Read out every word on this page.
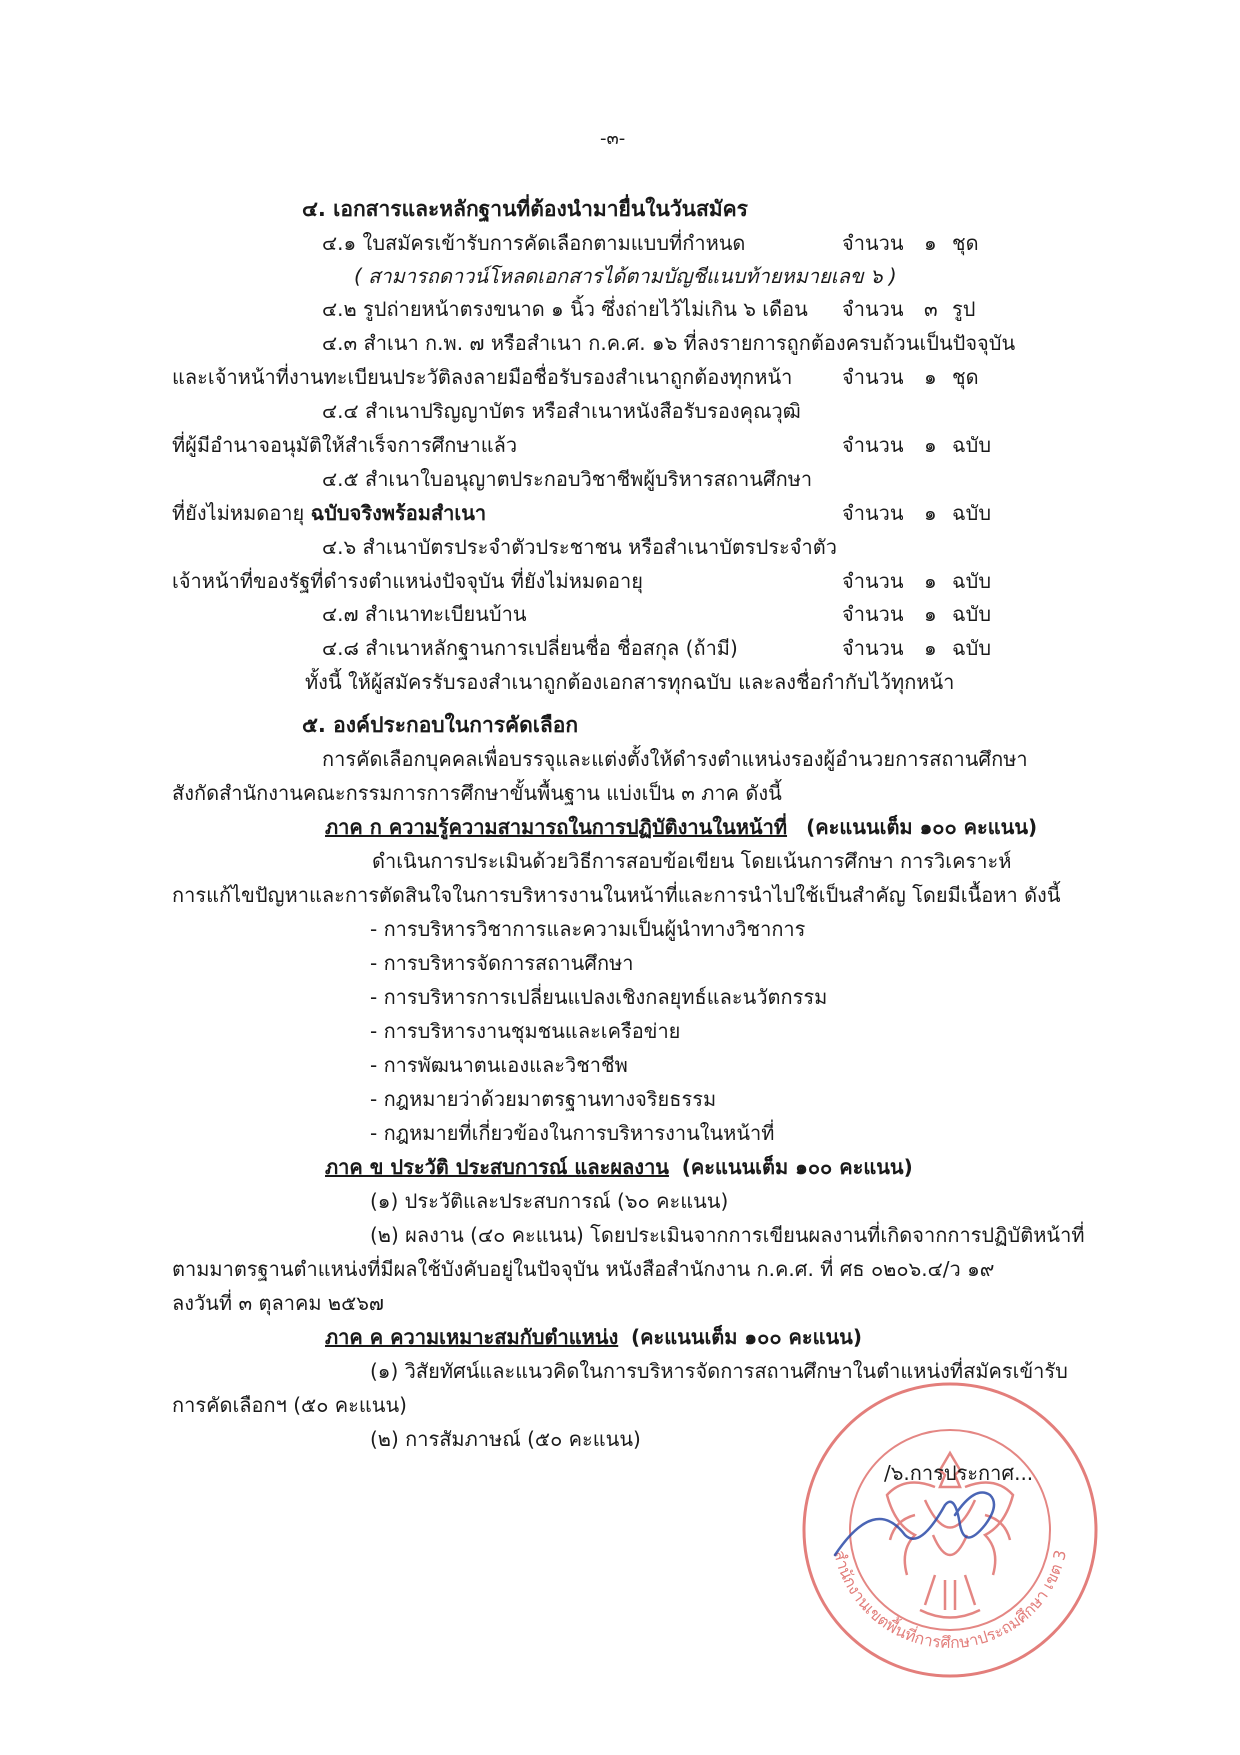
-๓-
๔. เอกสารและหลักฐานที่ต้องนำมายื่นในวันสมัคร
๔.๑ ใบสมัครเข้ารับการคัดเลือกตามแบบที่กำหนด	จำนวน ๑ ชุด
( สามารถดาวน์โหลดเอกสารได้ตามบัญชีแนบท้ายหมายเลข ๖ )
๔.๒ รูปถ่ายหน้าตรงขนาด ๑ นิ้ว ซึ่งถ่ายไว้ไม่เกิน ๖ เดือน จำนวน ๓ รูป
๔.๓ สำเนา ก.พ. ๗ หรือสำเนา ก.ค.ศ. ๑๖ ที่ลงรายการถูกต้องครบถ้วนเป็นปัจจุบัน
และเจ้าหน้าที่งานทะเบียนประวัติลงลายมือชื่อรับรองสำเนาถูกต้องทุกหน้า จำนวน ๑ ชุด
๔.๔ สำเนาปริญญาบัตร หรือสำเนาหนังสือรับรองคุณวุฒิ
ที่ผู้มีอำนาจอนุมัติให้สำเร็จการศึกษาแล้ว	จำนวน ๑ ฉบับ
๔.๕ สำเนาใบอนุญาตประกอบวิชาชีพผู้บริหารสถานศึกษา
ที่ยังไม่หมดอายุ ฉบับจริงพร้อมสำเนา	จำนวน ๑ ฉบับ
๔.๖ สำเนาบัตรประจำตัวประชาชน หรือสำเนาบัตรประจำตัว
เจ้าหน้าที่ของรัฐที่ดำรงตำแหน่งปัจจุบัน ที่ยังไม่หมดอายุ	จำนวน ๑ ฉบับ
๔.๗ สำเนาทะเบียนบ้าน	จำนวน ๑ ฉบับ
๔.๘ สำเนาหลักฐานการเปลี่ยนชื่อ ชื่อสกุล (ถ้ามี)	จำนวน ๑ ฉบับ
ทั้งนี้ ให้ผู้สมัครรับรองสำเนาถูกต้องเอกสารทุกฉบับ และลงชื่อกำกับไว้ทุกหน้า
๕. องค์ประกอบในการคัดเลือก
การคัดเลือกบุคคลเพื่อบรรจุและแต่งตั้งให้ดำรงตำแหน่งรองผู้อำนวยการสถานศึกษา
สังกัดสำนักงานคณะกรรมการการศึกษาขั้นพื้นฐาน แบ่งเป็น ๓ ภาค ดังนี้
ภาค ก ความรู้ความสามารถในการปฏิบัติงานในหน้าที่ (คะแนนเต็ม ๑๐๐ คะแนน)
ดำเนินการประเมินด้วยวิธีการสอบข้อเขียน โดยเน้นการศึกษา การวิเคราะห์
การแก้ไขปัญหาและการตัดสินใจในการบริหารงานในหน้าที่และการนำไปใช้เป็นสำคัญ โดยมีเนื้อหา ดังนี้
- การบริหารวิชาการและความเป็นผู้นำทางวิชาการ
- การบริหารจัดการสถานศึกษา
- การบริหารการเปลี่ยนแปลงเชิงกลยุทธ์และนวัตกรรม
- การบริหารงานชุมชนและเครือข่าย
- การพัฒนาตนเองและวิชาชีพ
- กฎหมายว่าด้วยมาตรฐานทางจริยธรรม
- กฎหมายที่เกี่ยวข้องในการบริหารงานในหน้าที่
ภาค ข ประวัติ ประสบการณ์ และผลงาน (คะแนนเต็ม ๑๐๐ คะแนน)
(๑) ประวัติและประสบการณ์ (๖๐ คะแนน)
(๒) ผลงาน (๔๐ คะแนน) โดยประเมินจากการเขียนผลงานที่เกิดจากการปฏิบัติหน้าที่
ตามมาตรฐานตำแหน่งที่มีผลใช้บังคับอยู่ในปัจจุบัน หนังสือสำนักงาน ก.ค.ศ. ที่ ศธ ๐๒๐๖.๔/ว ๑๙
ลงวันที่ ๓ ตุลาคม ๒๕๖๗
ภาค ค ความเหมาะสมกับตำแหน่ง (คะแนนเต็ม ๑๐๐ คะแนน)
(๑) วิสัยทัศน์และแนวคิดในการบริหารจัดการสถานศึกษาในตำแหน่งที่สมัครเข้ารับ
การคัดเลือกฯ (๕๐ คะแนน)
(๒) การสัมภาษณ์ (๕๐ คะแนน)
สำนักงานเขตพื้นที่การศึกษาประถมศึกษา เขต 3
/๖.การประกาศ...
